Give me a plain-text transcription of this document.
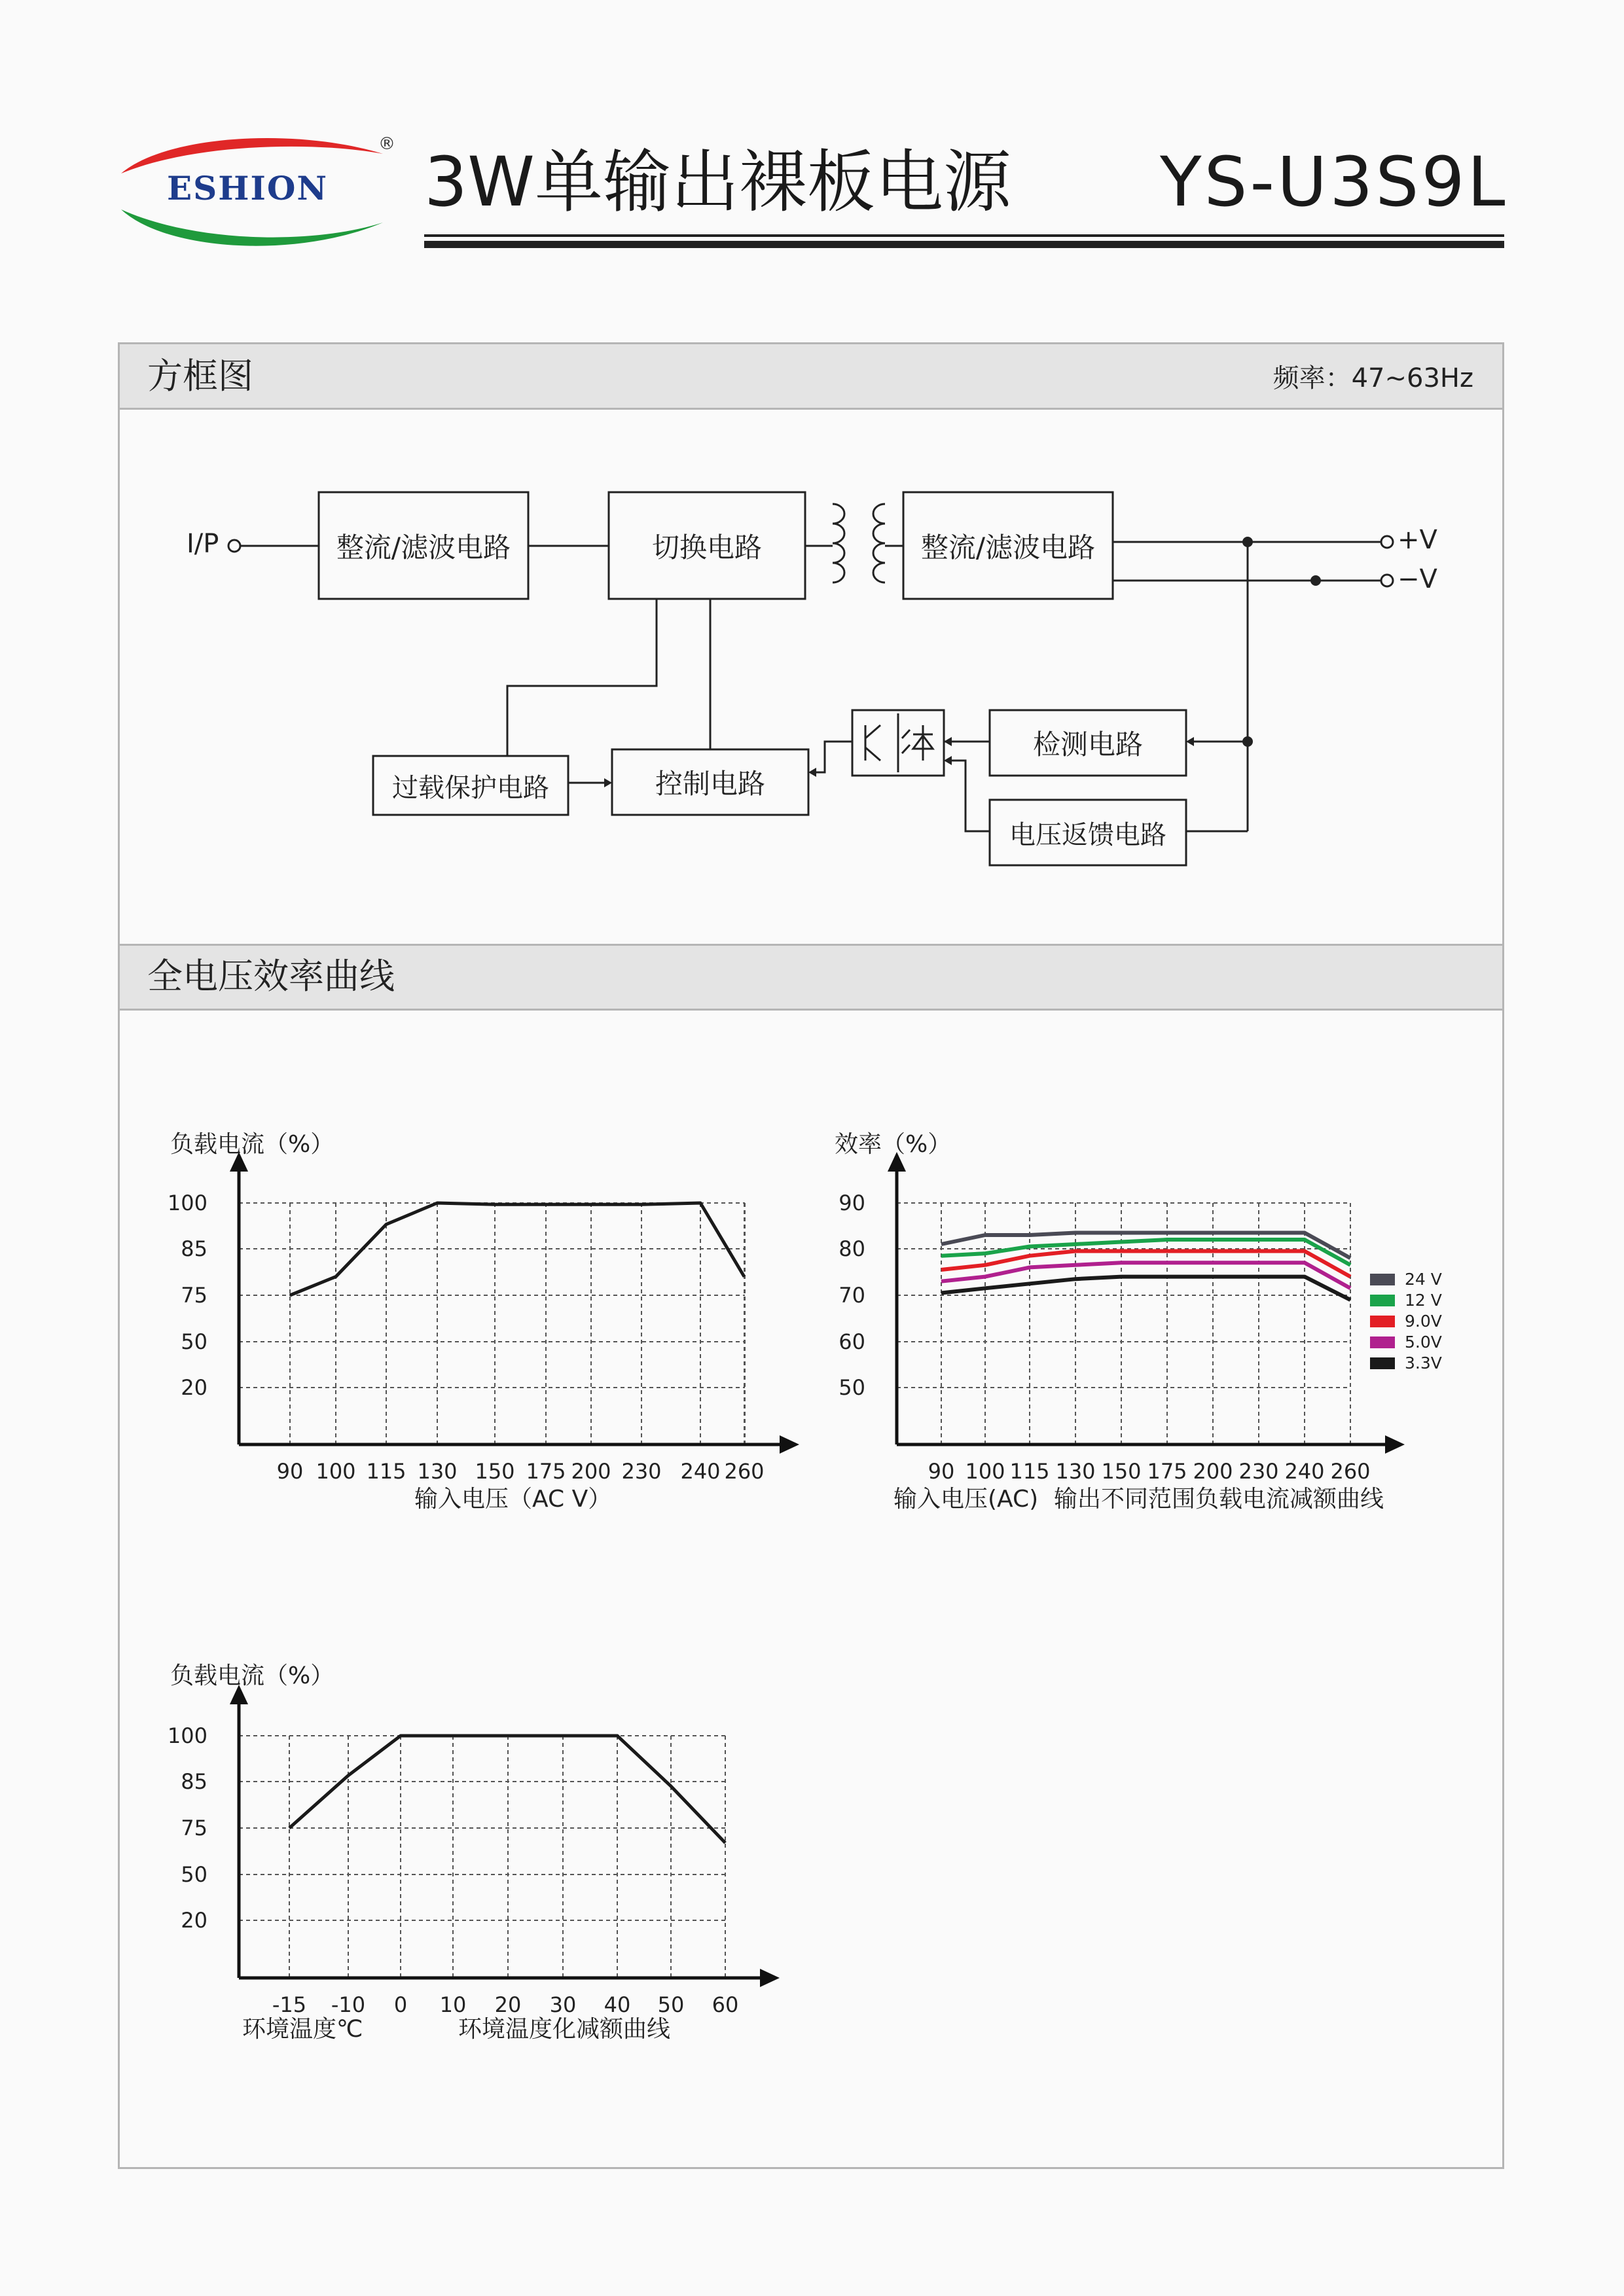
ESHION
® 3W单输出裸板电源 YS-U3S9L
方框图	频率：47~63Hz
I/P	整流/滤波电路	切换电路	整流/滤波电路	+V
−V
过载保护电路	控制电路
检测电路
电压返馈电路
全电压效率曲线
100
85
75
50
20
90 100 115 130 150 175 200 230 240 260
负载电流（%）
输入电压（AC V）
90
80
70
60
50
90 100 115 130 150 175 200 230 240 260
效率（%）
输出不同范围负载电流减额曲线
输入电压(AC)
24 V
12 V
9.0V
5.0V
3.3V
100
85
75
50
20
-15 -10 0 10 20 30 40 50 60
负载电流（%）
环境温度化减额曲线
环境温度℃
